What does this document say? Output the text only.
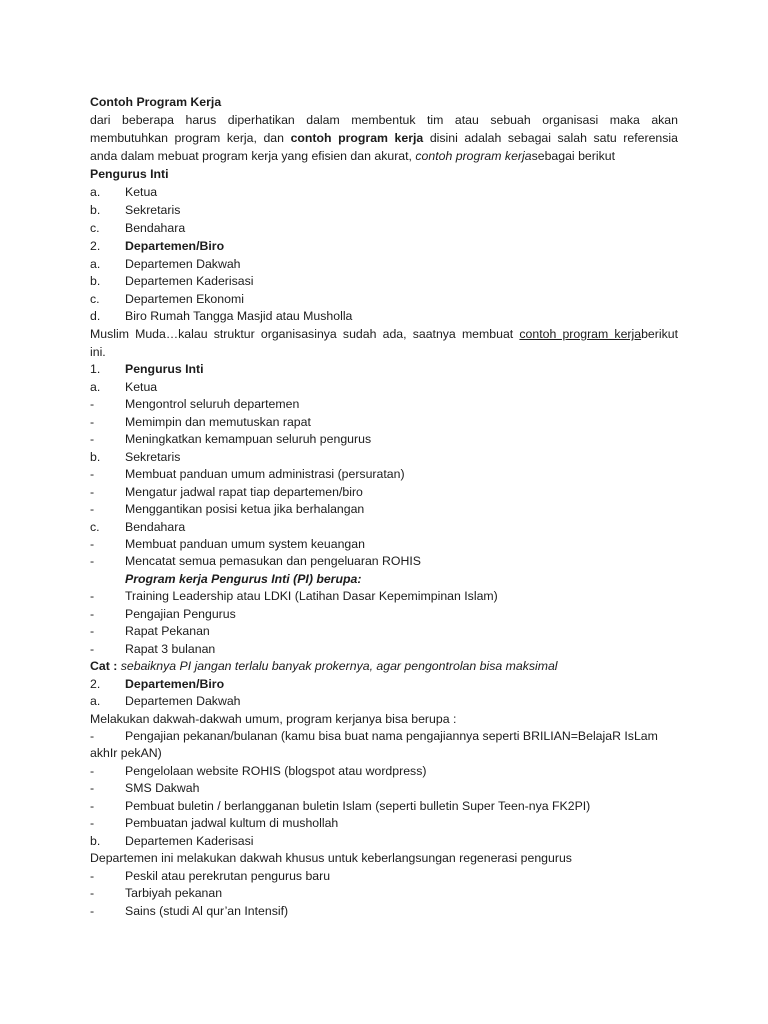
Contoh Program Kerja
dari beberapa harus diperhatikan dalam membentuk tim atau sebuah organisasi maka akan
membutuhkan program kerja, dan contoh program kerja disini adalah sebagai salah satu referensia
anda dalam mebuat program kerja yang efisien dan akurat, contoh program kerjasebagai berikut
Pengurus Inti
a. Ketua
b. Sekretaris
c. Bendahara
2. Departemen/Biro
a. Departemen Dakwah
b. Departemen Kaderisasi
c. Departemen Ekonomi
d. Biro Rumah Tangga Masjid atau Musholla
Muslim Muda…kalau struktur organisasinya sudah ada, saatnya membuat contoh program kerjaberikut
ini.
1. Pengurus Inti
a. Ketua
-	Mengontrol seluruh departemen
-	Memimpin dan memutuskan rapat
-	Meningkatkan kemampuan seluruh pengurus
b. Sekretaris
-	Membuat panduan umum administrasi (persuratan)
-	Mengatur jadwal rapat tiap departemen/biro
-	Menggantikan posisi ketua jika berhalangan
c. Bendahara
-	Membuat panduan umum system keuangan
-	Mencatat semua pemasukan dan pengeluaran ROHIS
Program kerja Pengurus Inti (PI) berupa:
-	Training Leadership atau LDKI (Latihan Dasar Kepemimpinan Islam)
-	Pengajian Pengurus
-	Rapat Pekanan
-	Rapat 3 bulanan
Cat : sebaiknya PI jangan terlalu banyak prokernya, agar pengontrolan bisa maksimal
2. Departemen/Biro
a. Departemen Dakwah
Melakukan dakwah-dakwah umum, program kerjanya bisa berupa :
-	Pengajian pekanan/bulanan (kamu bisa buat nama pengajiannya seperti BRILIAN=BelajaR IsLam
akhIr pekAN)
-	Pengelolaan website ROHIS (blogspot atau wordpress)
-	SMS Dakwah
-	Pembuat buletin / berlangganan buletin Islam (seperti bulletin Super Teen-nya FK2PI)
-	Pembuatan jadwal kultum di mushollah
b. Departemen Kaderisasi
Departemen ini melakukan dakwah khusus untuk keberlangsungan regenerasi pengurus
-	Peskil atau perekrutan pengurus baru
-	Tarbiyah pekanan
-	Sains (studi Al qur’an Intensif)
